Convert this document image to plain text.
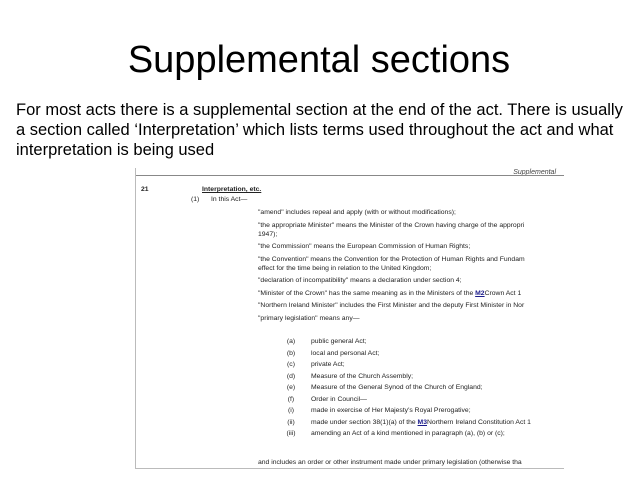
Supplemental sections
For most acts there is a supplemental section at the end of the act. There is usually a section called ‘Interpretation’ which lists terms used throughout the act and what interpretation is being used
Supplemental
21	Interpretation, etc.
(1) In this Act—
"amend" includes repeal and apply (with or without modifications);
"the appropriate Minister" means the Minister of the Crown having charge of the appropri
1947);
"the Commission" means the European Commission of Human Rights;
"the Convention" means the Convention for the Protection of Human Rights and Fundam
effect for the time being in relation to the United Kingdom;
"declaration of incompatibility" means a declaration under section 4;
"Minister of the Crown" has the same meaning as in the Ministers of the M2Crown Act 1
"Northern Ireland Minister" includes the First Minister and the deputy First Minister in Nor
"primary legislation" means any—
(a)	public general Act;
(b)	local and personal Act;
(c)	private Act;
(d)	Measure of the Church Assembly;
(e)	Measure of the General Synod of the Church of England;
(f)	Order in Council—
(i)	made in exercise of Her Majesty's Royal Prerogative;
(ii)	made under section 38(1)(a) of the M3Northern Ireland Constitution Act 1
(iii)	amending an Act of a kind mentioned in paragraph (a), (b) or (c);
and includes an order or other instrument made under primary legislation (otherwise tha
